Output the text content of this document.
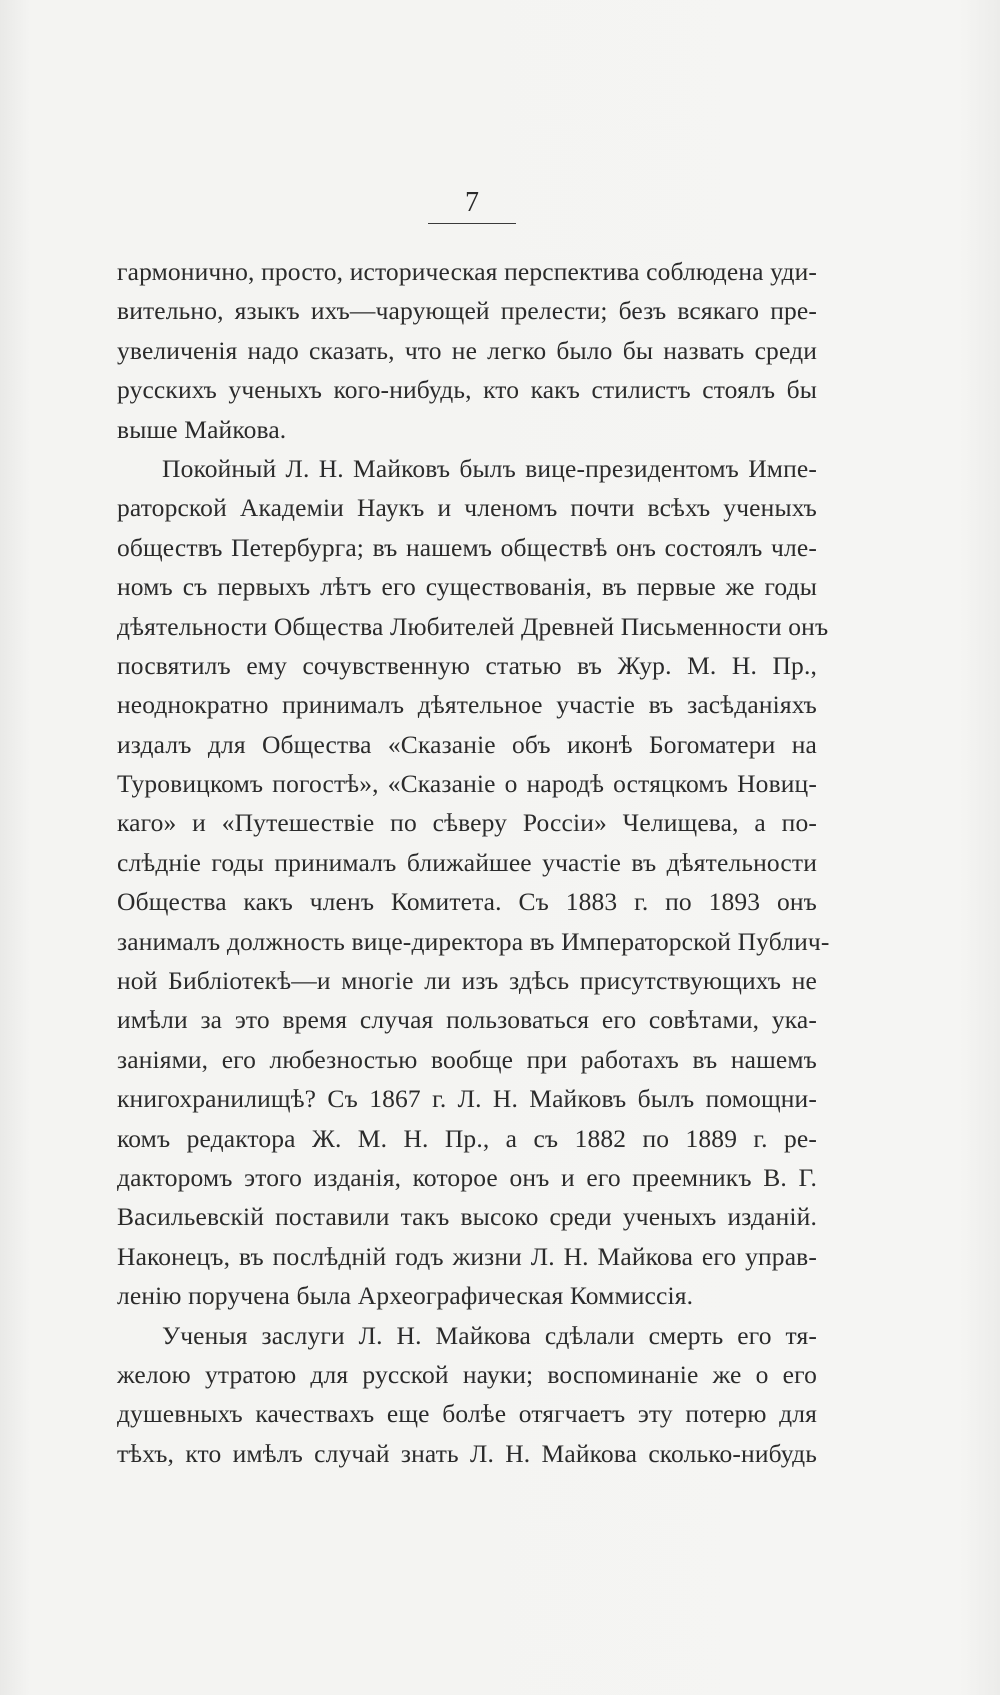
7
гармонично, просто, историческая перспектива соблюдена уди-
вительно, языкъ ихъ—чарующей прелести; безъ всякаго пре-
увеличенія надо сказать, что не легко было бы назвать среди
русскихъ ученыхъ кого-нибудь, кто какъ стилистъ стоялъ бы
выше Майкова.
Покойный Л. Н. Майковъ былъ вице-президентомъ Импе-
раторской Академіи Наукъ и членомъ почти всѣхъ ученыхъ
обществъ Петербурга; въ нашемъ обществѣ онъ состоялъ чле-
номъ съ первыхъ лѣтъ его существованія, въ первые же годы
дѣятельности Общества Любителей Древней Письменности онъ
посвятилъ ему сочувственную статью въ Жур. М. Н. Пр.,
неоднократно принималъ дѣятельное участіе въ засѣданіяхъ
издалъ для Общества «Сказаніе объ иконѣ Богоматери на
Туровицкомъ погостѣ», «Сказаніе о народѣ остяцкомъ Новиц-
каго» и «Путешествіе по сѣверу Россіи» Челищева, а по-
слѣдніе годы принималъ ближайшее участіе въ дѣятельности
Общества какъ членъ Комитета. Съ 1883 г. по 1893 онъ
занималъ должность вице-директора въ Императорской Публич-
ной Библіотекѣ—и многіе ли изъ здѣсь присутствующихъ не
имѣли за это время случая пользоваться его совѣтами, ука-
заніями, его любезностью вообще при работахъ въ нашемъ
книгохранилищѣ? Съ 1867 г. Л. Н. Майковъ былъ помощни-
комъ редактора Ж. М. Н. Пр., а съ 1882 по 1889 г. ре-
дакторомъ этого изданія, которое онъ и его преемникъ В. Г.
Васильевскій поставили такъ высоко среди ученыхъ изданій.
Наконецъ, въ послѣдній годъ жизни Л. Н. Майкова его управ-
ленію поручена была Археографическая Коммиссія.
Ученыя заслуги Л. Н. Майкова сдѣлали смерть его тя-
желою утратою для русской науки; воспоминаніе же о его
душевныхъ качествахъ еще болѣе отягчаетъ эту потерю для
тѣхъ, кто имѣлъ случай знать Л. Н. Майкова сколько-нибудь
